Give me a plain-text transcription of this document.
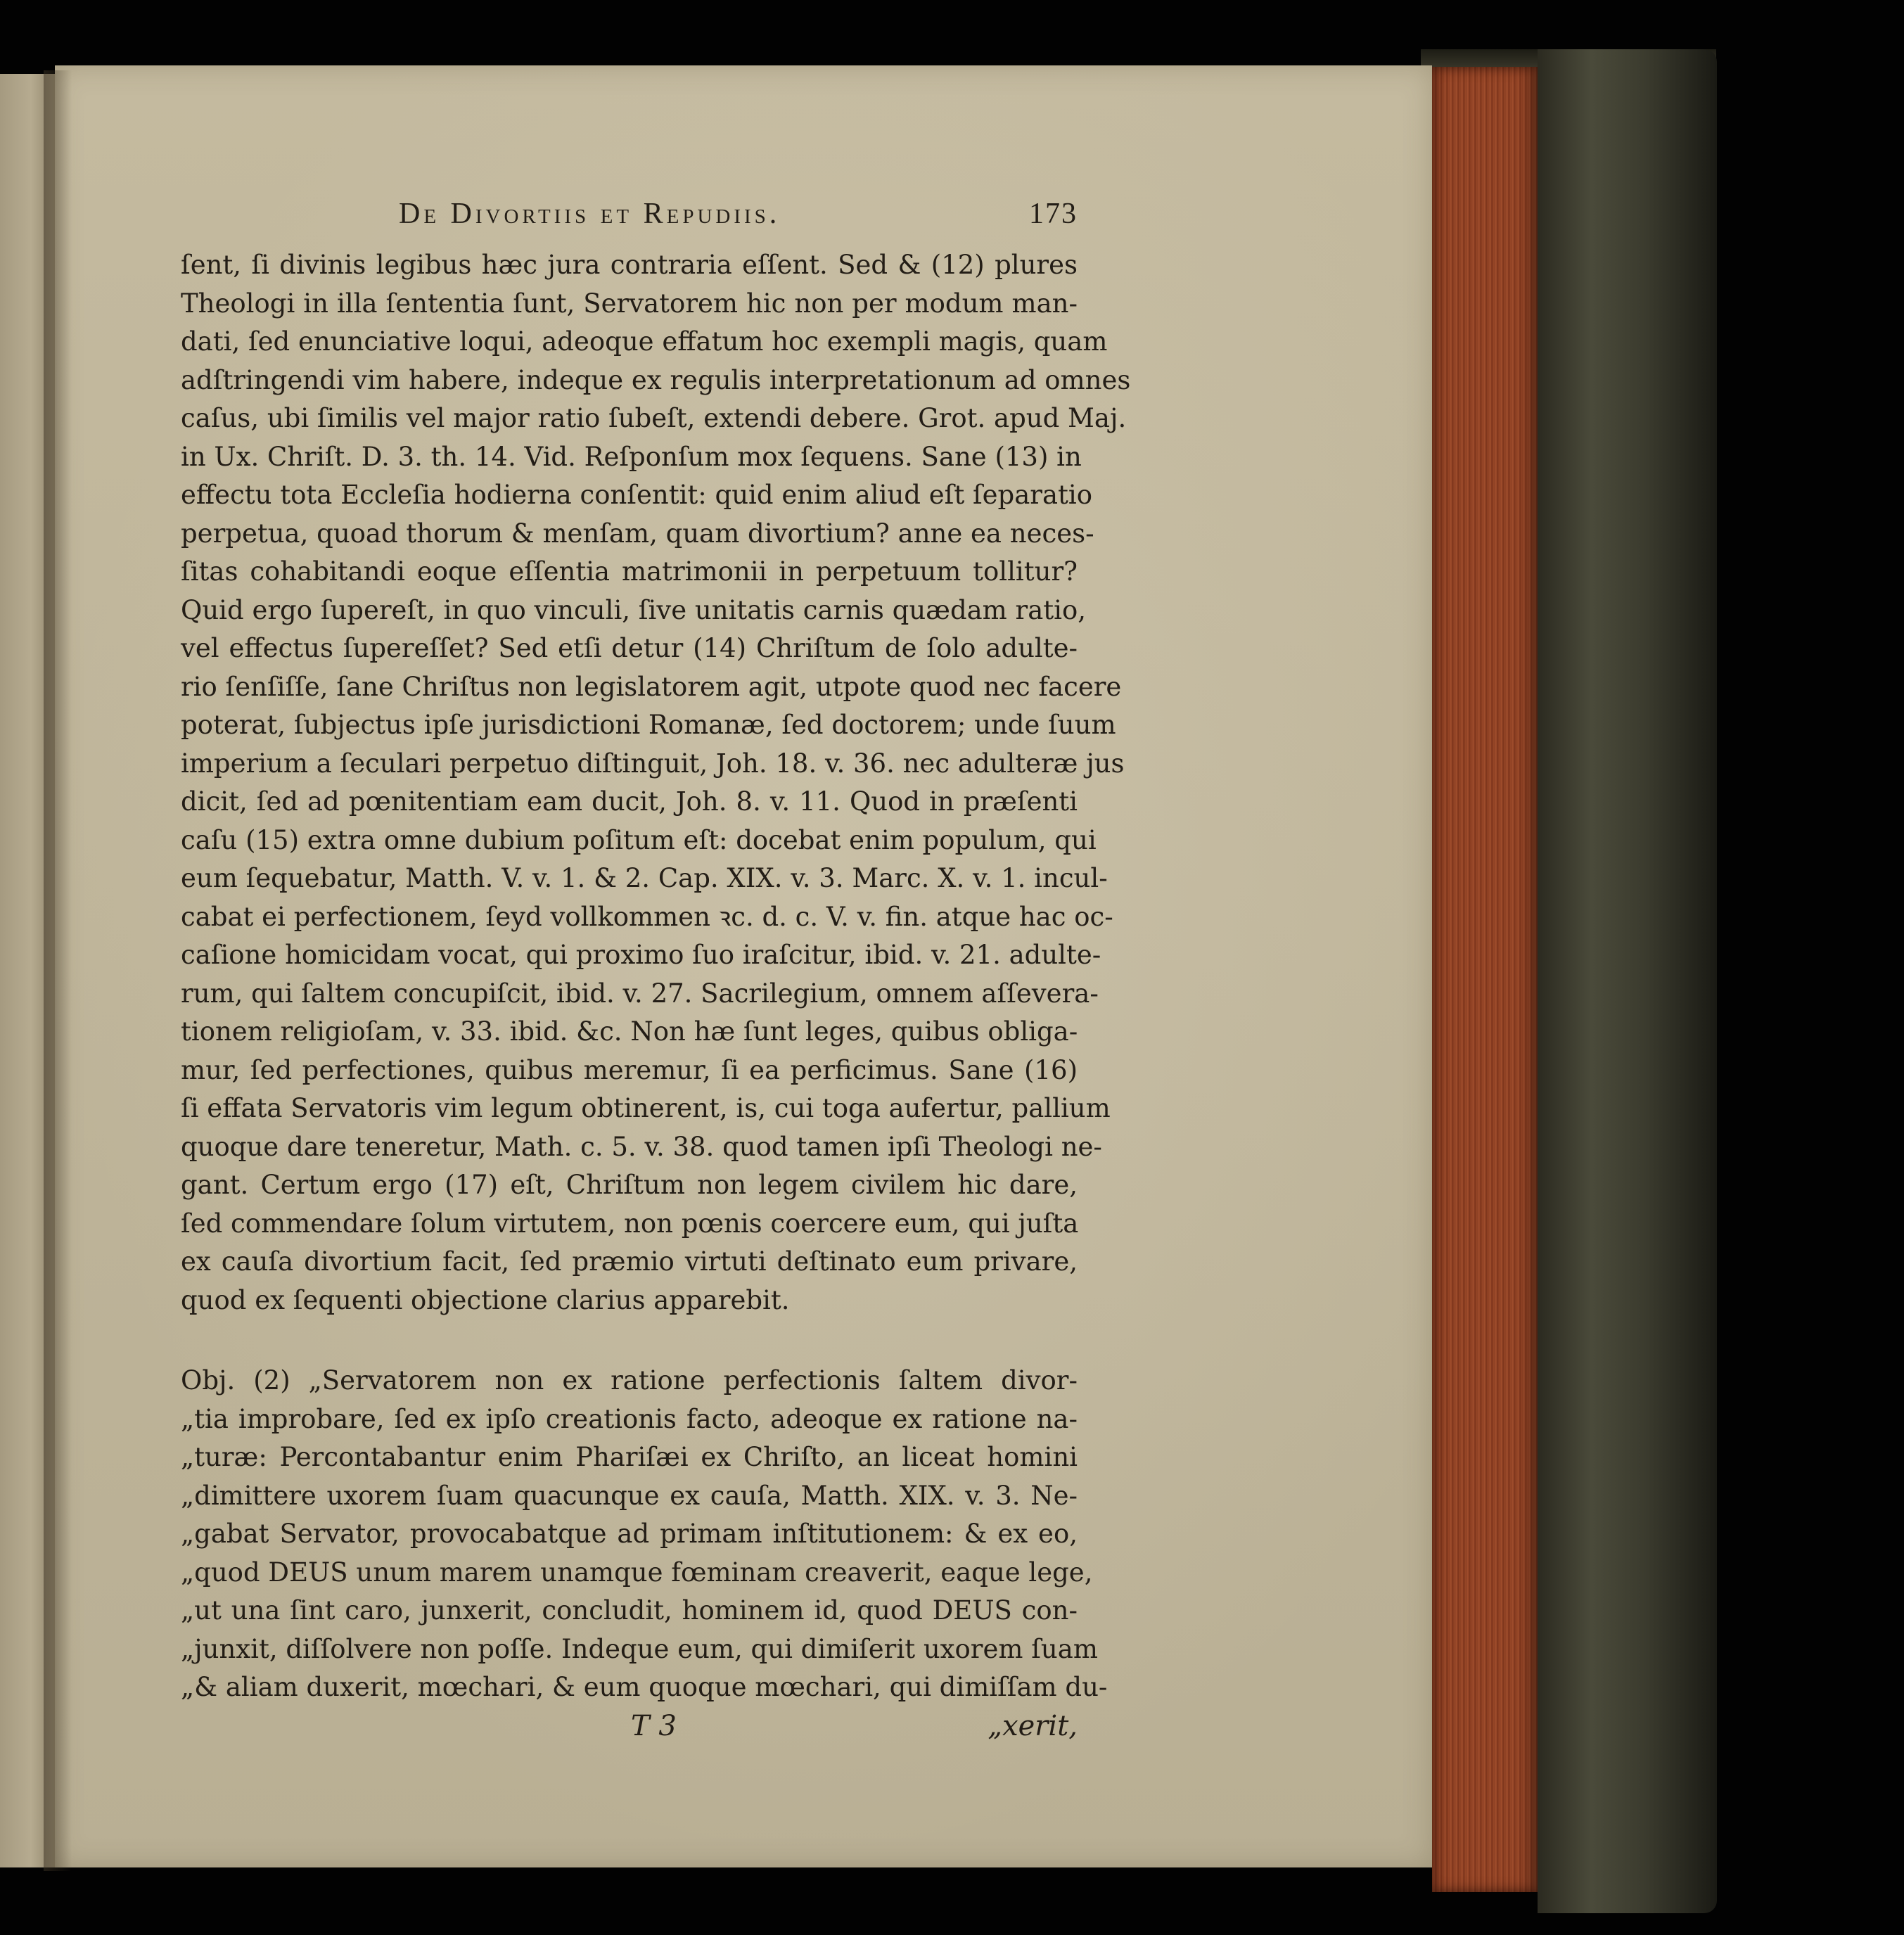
De Divortiis et Repudiis.	173
ſent, ſi divinis legibus hæc jura contraria eſſent. Sed & (12) plures
Theologi in illa ſententia ſunt, Servatorem hic non per modum man-
dati, ſed enunciative loqui, adeoque effatum hoc exempli magis, quam
adſtringendi vim habere, indeque ex regulis interpretationum ad omnes
caſus, ubi ſimilis vel major ratio ſubeſt, extendi debere. Grot. apud Maj.
in Ux. Chriſt. D. 3. th. 14. Vid. Reſponſum mox ſequens. Sane (13) in
effectu tota Eccleſia hodierna conſentit: quid enim aliud eſt ſeparatio
perpetua, quoad thorum & menſam, quam divortium? anne ea neces-
ſitas cohabitandi eoque eſſentia matrimonii in perpetuum tollitur?
Quid ergo ſupereſt, in quo vinculi, ſive unitatis carnis quædam ratio,
vel effectus ſupereſſet? Sed etſi detur (14) Chriſtum de ſolo adulte-
rio ſenſiſſe, ſane Chriſtus non legislatorem agit, utpote quod nec facere
poterat, ſubjectus ipſe jurisdictioni Romanæ, ſed doctorem; unde ſuum
imperium a ſeculari perpetuo diſtinguit, Joh. 18. v. 36. nec adulteræ jus
dicit, ſed ad pœnitentiam eam ducit, Joh. 8. v. 11. Quod in præſenti
caſu (15) extra omne dubium poſitum eſt: docebat enim populum, qui
eum ſequebatur, Matth. V. v. 1. & 2. Cap. XIX. v. 3. Marc. X. v. 1. incul-
cabat ei perfectionem, ſeyd vollkommen ꝛc. d. c. V. v. fin. atque hac oc-
caſione homicidam vocat, qui proximo ſuo iraſcitur, ibid. v. 21. adulte-
rum, qui ſaltem concupiſcit, ibid. v. 27. Sacrilegium, omnem aſſevera-
tionem religioſam, v. 33. ibid. &c. Non hæ ſunt leges, quibus obliga-
mur, ſed perfectiones, quibus meremur, ſi ea perficimus. Sane (16)
ſi effata Servatoris vim legum obtinerent, is, cui toga aufertur, pallium
quoque dare teneretur, Math. c. 5. v. 38. quod tamen ipſi Theologi ne-
gant. Certum ergo (17) eſt, Chriſtum non legem civilem hic dare,
ſed commendare ſolum virtutem, non pœnis coercere eum, qui juſta
ex cauſa divortium facit, ſed præmio virtuti deſtinato eum privare,
quod ex ſequenti objectione clarius apparebit.
Obj. (2) „Servatorem non ex ratione perfectionis ſaltem divor-
„tia improbare, ſed ex ipſo creationis facto, adeoque ex ratione na-
„turæ: Percontabantur enim Phariſæi ex Chriſto, an liceat homini
„dimittere uxorem ſuam quacunque ex cauſa, Matth. XIX. v. 3. Ne-
„gabat Servator, provocabatque ad primam inſtitutionem: & ex eo,
„quod DEUS unum marem unamque fœminam creaverit, eaque lege,
„ut una ſint caro, junxerit, concludit, hominem id, quod DEUS con-
„junxit, diſſolvere non poſſe. Indeque eum, qui dimiſerit uxorem ſuam
„& aliam duxerit, mœchari, & eum quoque mœchari, qui dimiſſam du-
T 3	„xerit,
